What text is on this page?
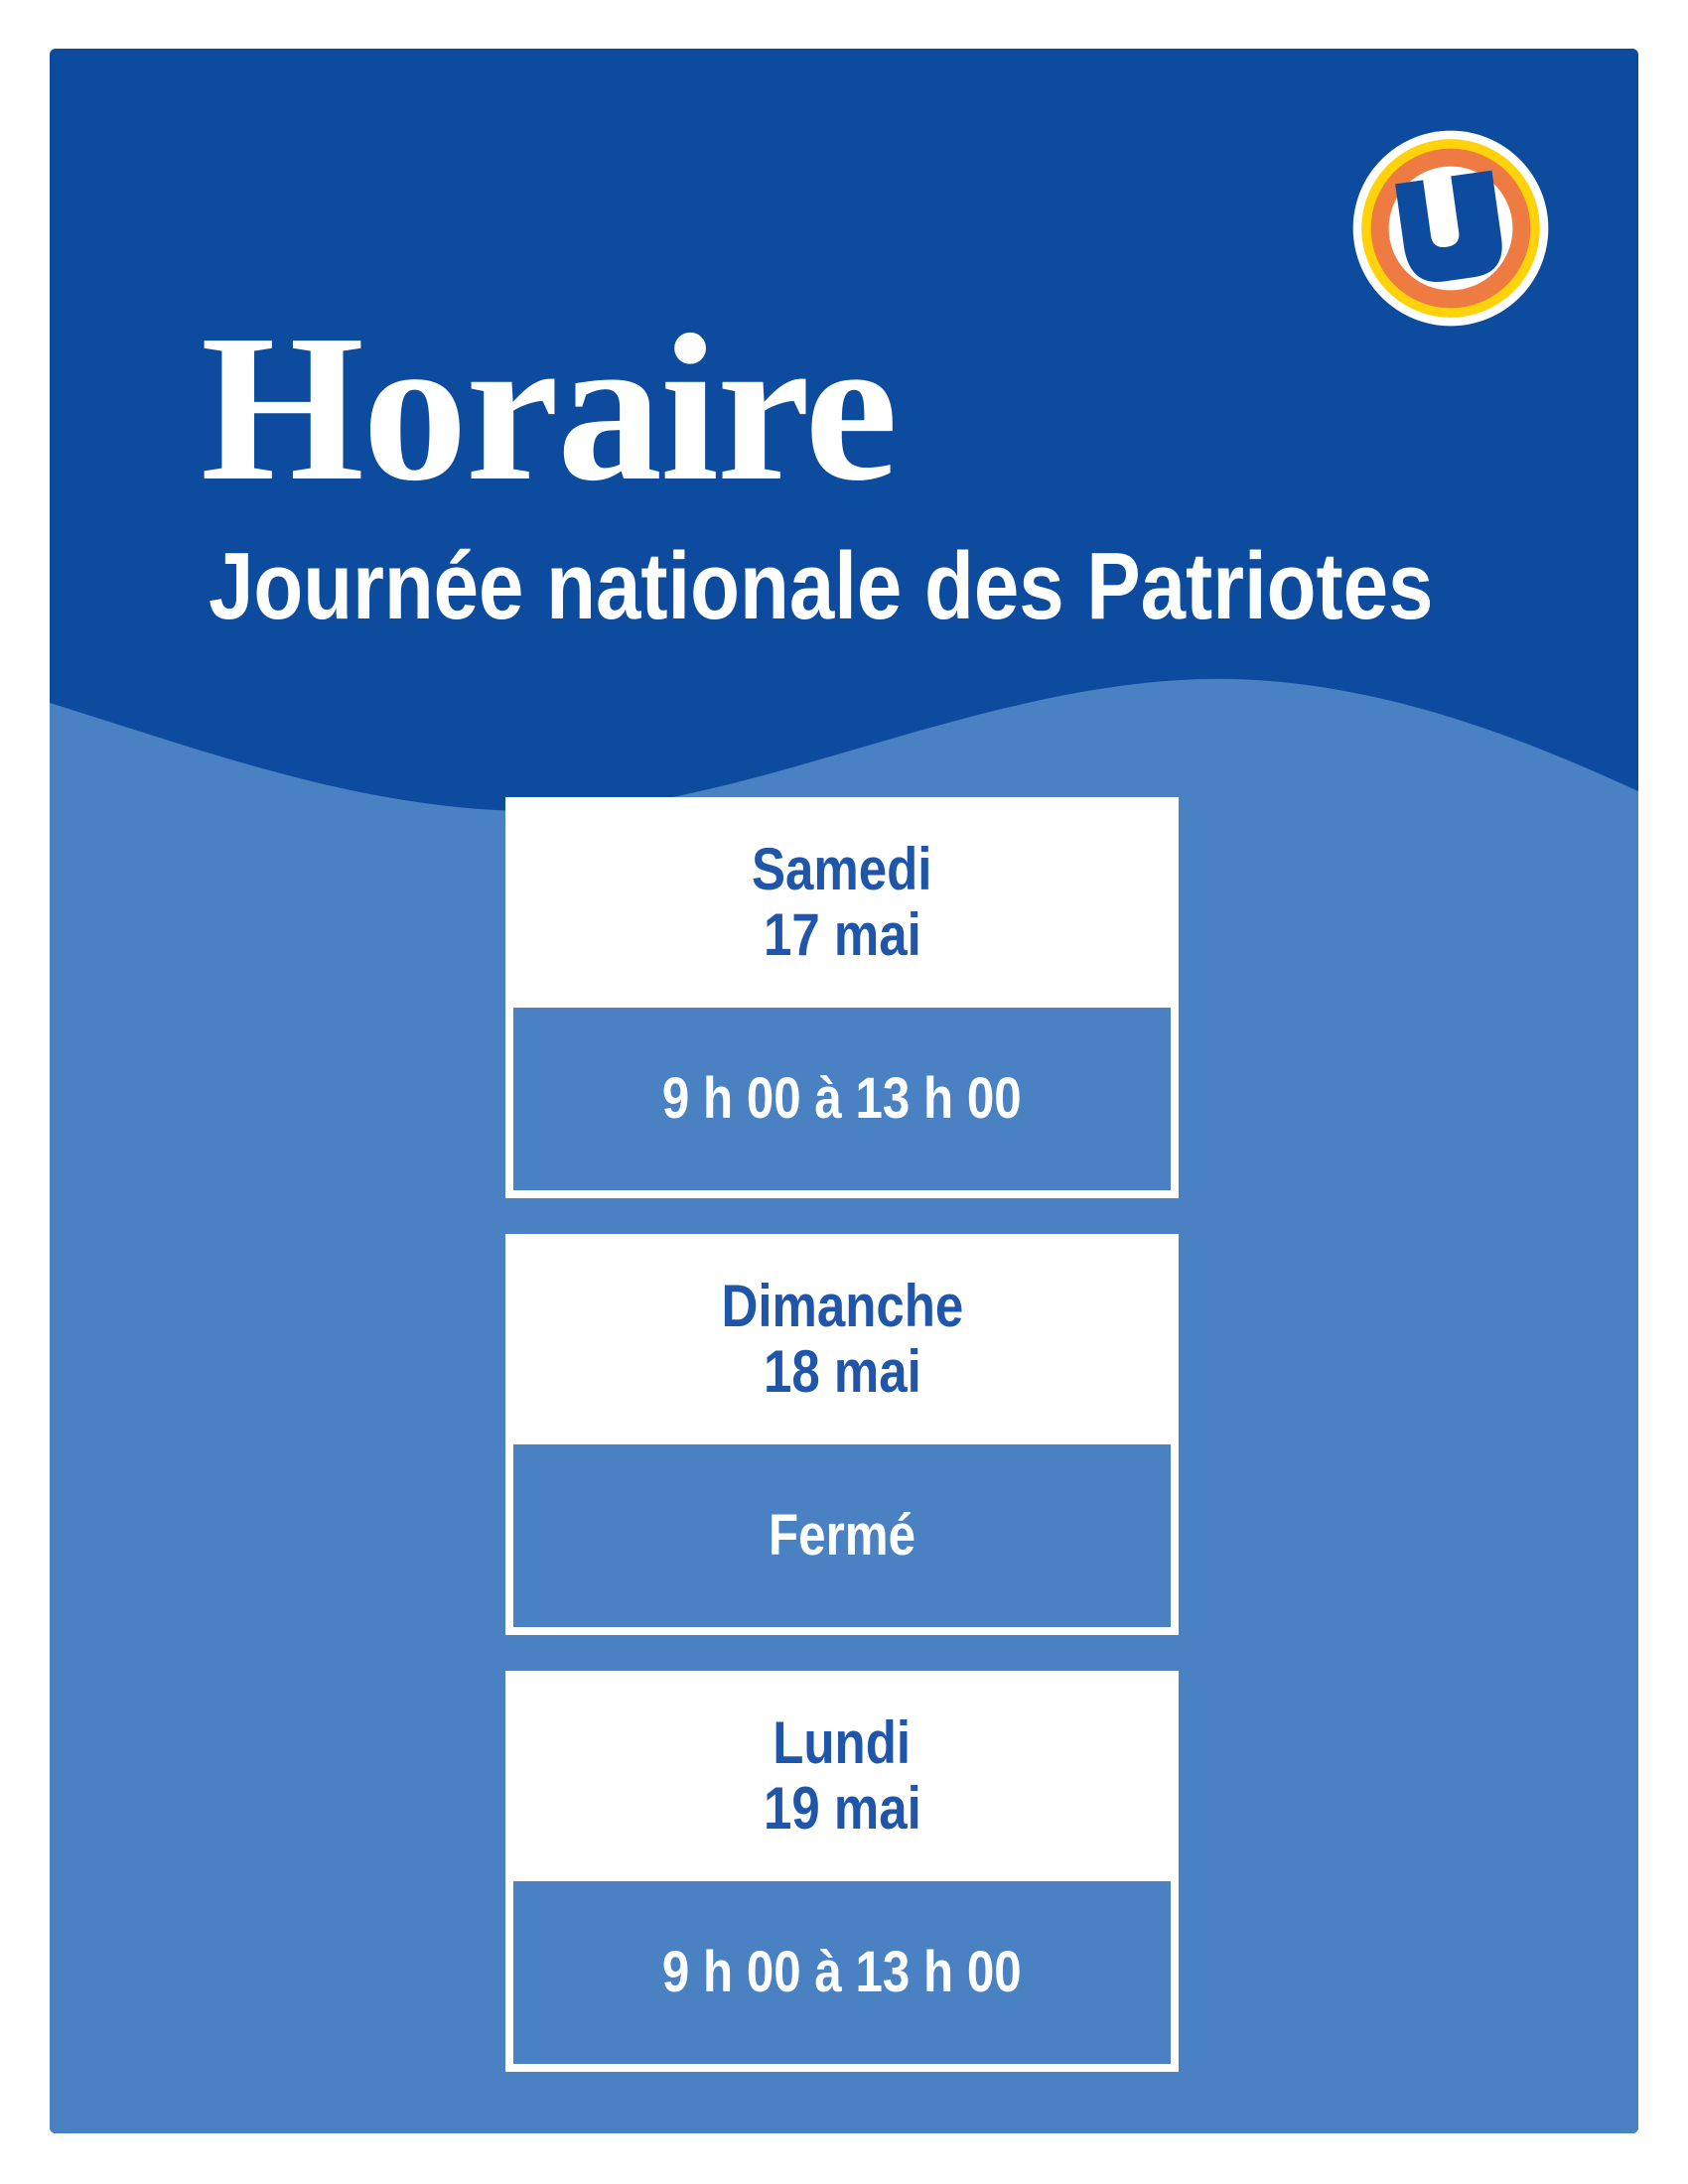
Horaire
Journée nationale des Patriotes
Samedi
17 mai
9 h 00 à 13 h 00
Dimanche
18 mai
Fermé
Lundi
19 mai
9 h 00 à 13 h 00
